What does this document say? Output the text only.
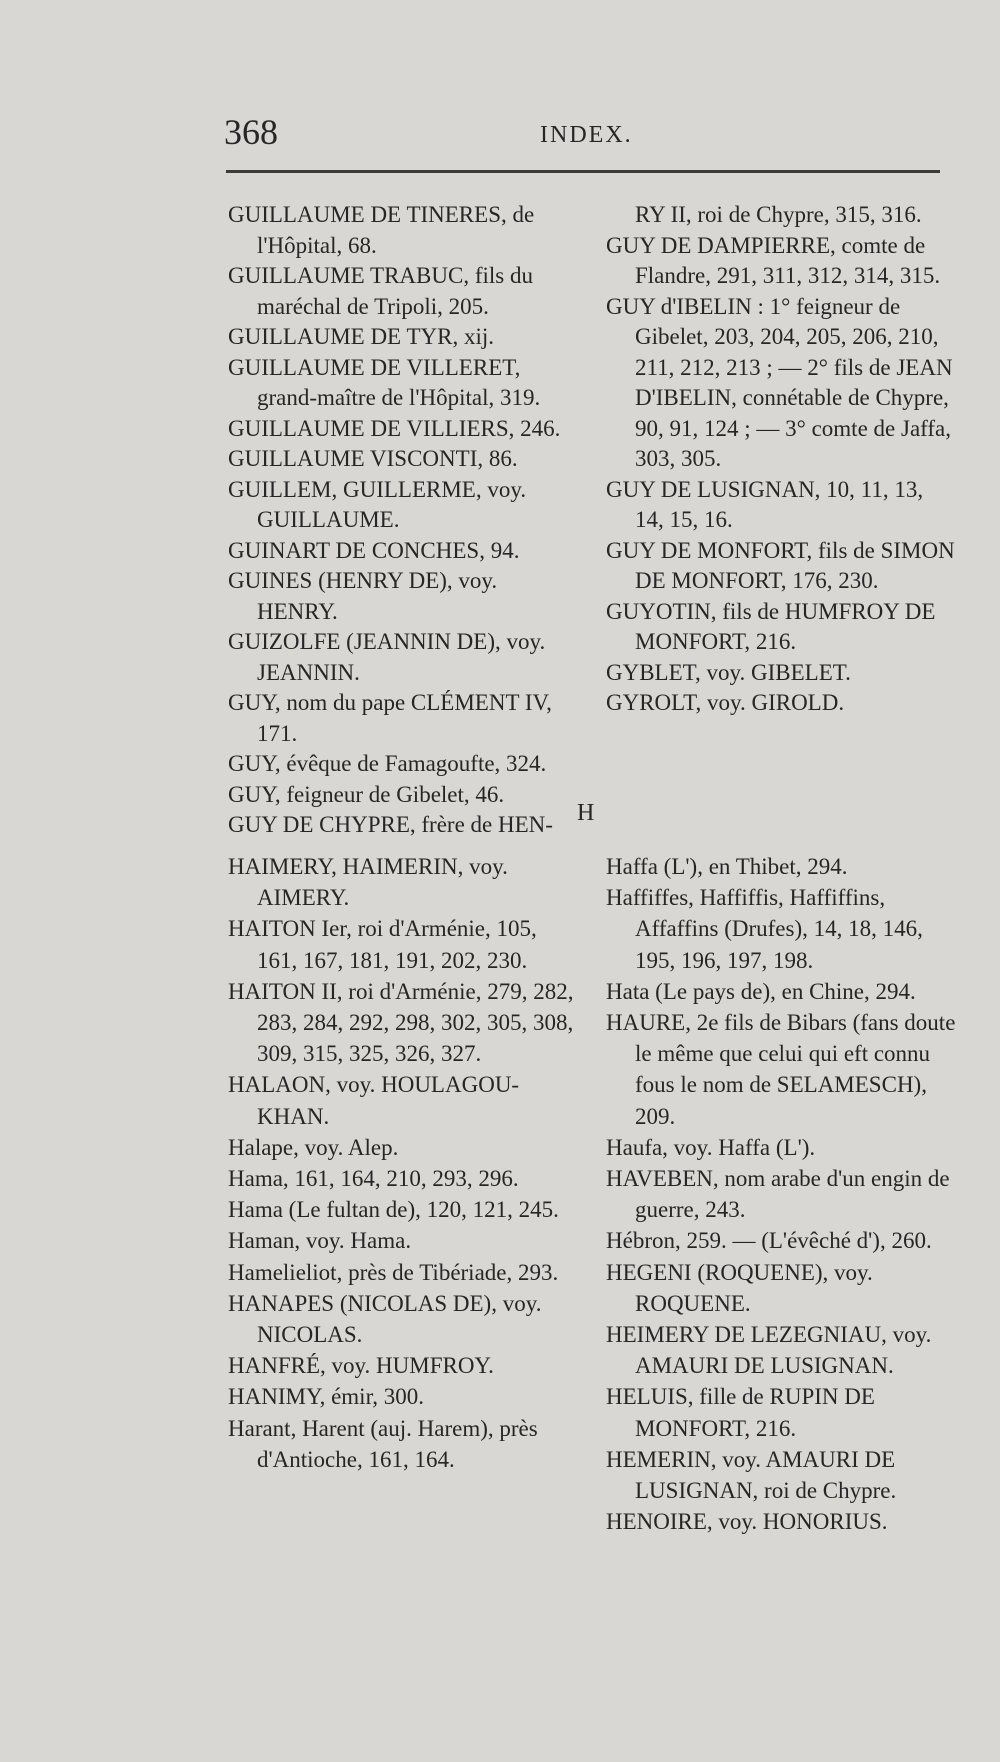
368	INDEX.

GUILLAUME DE TINERES, de l'Hôpital, 68.

GUILLAUME TRABUC, fils du maréchal de Tripoli, 205.

GUILLAUME DE TYR, xij.

GUILLAUME DE VILLERET, grand-maître de l'Hôpital, 319.

GUILLAUME DE VILLIERS, 246.

GUILLAUME VISCONTI, 86.

GUILLEM, GUILLERME, voy. GUILLAUME.

GUINART DE CONCHES, 94.

GUINES (HENRY DE), voy. HENRY.

GUIZOLFE (JEANNIN DE), voy. JEANNIN.

GUY, nom du pape CLÉMENT IV, 171.

GUY, évêque de Famagoufte, 324.

GUY, feigneur de Gibelet, 46.

GUY DE CHYPRE, frère de HEN-

RY II, roi de Chypre, 315, 316.

GUY DE DAMPIERRE, comte de Flandre, 291, 311, 312, 314, 315.

GUY d'IBELIN : 1° feigneur de Gibelet, 203, 204, 205, 206, 210, 211, 212, 213 ; — 2° fils de JEAN D'IBELIN, connétable de Chypre, 90, 91, 124 ; — 3° comte de Jaffa, 303, 305.

GUY DE LUSIGNAN, 10, 11, 13, 14, 15, 16.

GUY DE MONFORT, fils de SIMON DE MONFORT, 176, 230.

GUYOTIN, fils de HUMFROY DE MONFORT, 216.

GYBLET, voy. GIBELET.

GYROLT, voy. GIROLD.

H

HAIMERY, HAIMERIN, voy. AIMERY.

HAITON Ier, roi d'Arménie, 105, 161, 167, 181, 191, 202, 230.

HAITON II, roi d'Arménie, 279, 282, 283, 284, 292, 298, 302, 305, 308, 309, 315, 325, 326, 327.

HALAON, voy. HOULAGOU-KHAN.

Halape, voy. Alep.

Hama, 161, 164, 210, 293, 296.

Hama (Le fultan de), 120, 121, 245.

Haman, voy. Hama.

Hamelieliot, près de Tibériade, 293.

HANAPES (NICOLAS DE), voy. NICOLAS.

HANFRÉ, voy. HUMFROY.

HANIMY, émir, 300.

Harant, Harent (auj. Harem), près d'Antioche, 161, 164.

Haffa (L'), en Thibet, 294.

Haffiffes, Haffiffis, Haffiffins, Affaffins (Drufes), 14, 18, 146, 195, 196, 197, 198.

Hata (Le pays de), en Chine, 294.

HAURE, 2e fils de Bibars (fans doute le même que celui qui eft connu fous le nom de SELAMESCH), 209.

Haufa, voy. Haffa (L').

HAVEBEN, nom arabe d'un engin de guerre, 243.

Hébron, 259. — (L'évêché d'), 260.

HEGENI (ROQUENE), voy. ROQUENE.

HEIMERY DE LEZEGNIAU, voy. AMAURI DE LUSIGNAN.

HELUIS, fille de RUPIN DE MONFORT, 216.

HEMERIN, voy. AMAURI DE LUSIGNAN, roi de Chypre.

HENOIRE, voy. HONORIUS.
